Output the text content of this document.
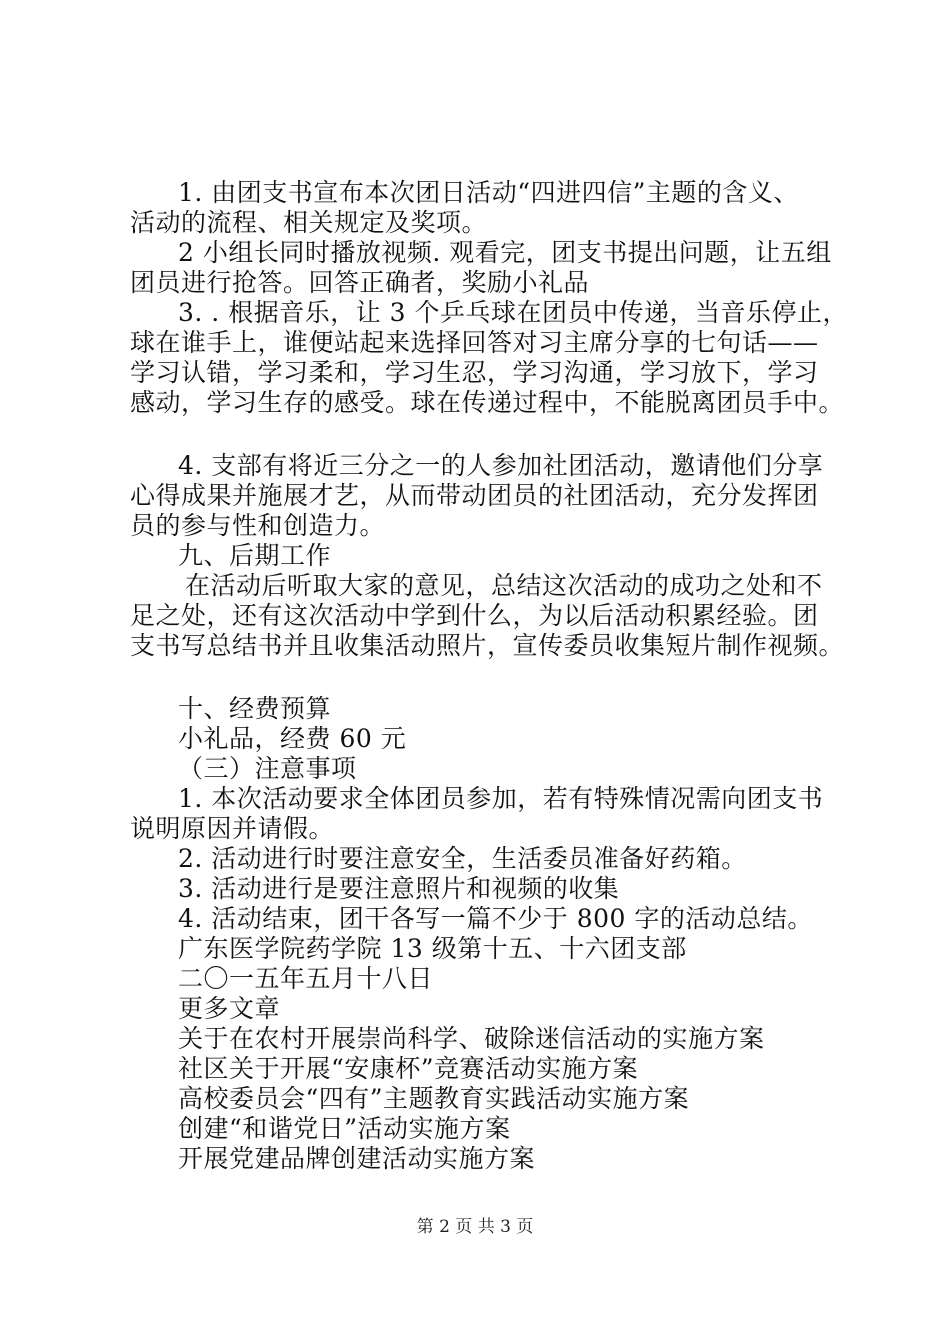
1. 由团支书宣布本次团日活动“四进四信”主题的含义、
活动的流程、相关规定及奖项。
2 小组长同时播放视频. 观看完，团支书提出问题，让五组
团员进行抢答。回答正确者，奖励小礼品
3. . 根据音乐，让 3 个乒乓球在团员中传递，当音乐停止，
球在谁手上，谁便站起来选择回答对习主席分享的七句话——
学习认错，学习柔和，学习生忍，学习沟通，学习放下，学习
感动，学习生存的感受。球在传递过程中，不能脱离团员手中。
4. 支部有将近三分之一的人参加社团活动，邀请他们分享
心得成果并施展才艺，从而带动团员的社团活动，充分发挥团
员的参与性和创造力。
九、后期工作
在活动后听取大家的意见，总结这次活动的成功之处和不
足之处，还有这次活动中学到什么，为以后活动积累经验。团
支书写总结书并且收集活动照片，宣传委员收集短片制作视频。
十、经费预算
小礼品，经费 60 元
（三）注意事项
1. 本次活动要求全体团员参加，若有特殊情况需向团支书
说明原因并请假。
2. 活动进行时要注意安全，生活委员准备好药箱。
3. 活动进行是要注意照片和视频的收集
4. 活动结束，团干各写一篇不少于 800 字的活动总结。
广东医学院药学院 13 级第十五、十六团支部
二〇一五年五月十八日
更多文章
关于在农村开展崇尚科学、破除迷信活动的实施方案
社区关于开展“安康杯”竞赛活动实施方案
高校委员会“四有”主题教育实践活动实施方案
创建“和谐党日”活动实施方案
开展党建品牌创建活动实施方案
第 2 页 共 3 页
